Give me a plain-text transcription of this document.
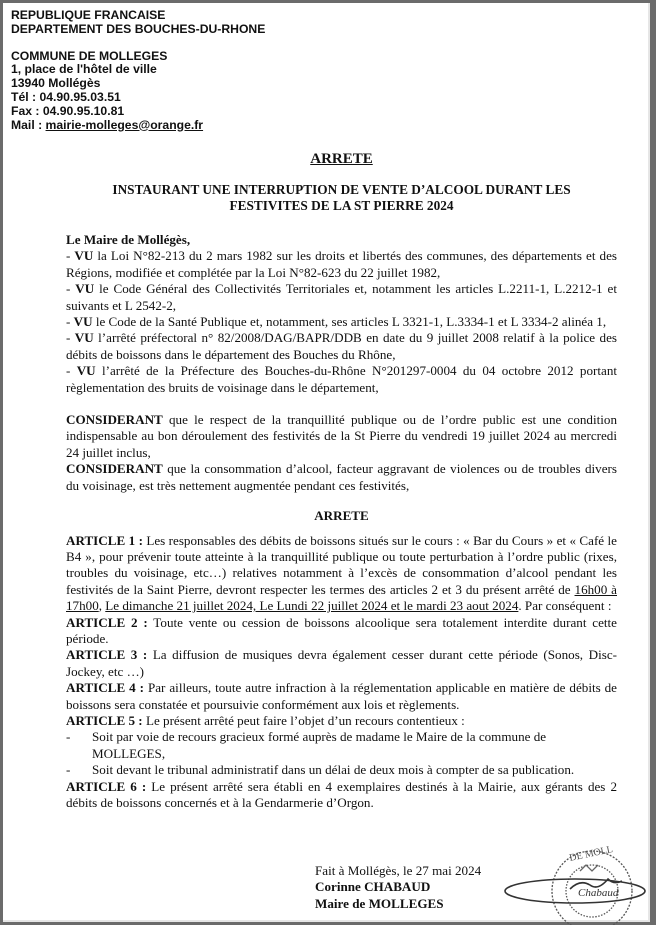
REPUBLIQUE FRANCAISE
DEPARTEMENT DES BOUCHES-DU-RHONE
COMMUNE DE MOLLEGES
1, place de l'hôtel de ville
13940 Mollégès
Tél : 04.90.95.03.51
Fax : 04.90.95.10.81
Mail : mairie-molleges@orange.fr
ARRETE
INSTAURANT UNE INTERRUPTION DE VENTE D’ALCOOL DURANT LES
FESTIVITES DE LA ST PIERRE 2024
Le Maire de Mollégès,

- VU la Loi N°82-213 du 2 mars 1982 sur les droits et libertés des communes, des départements et des Régions, modifiée et complétée par la Loi N°82-623 du 22 juillet 1982,

- VU le Code Général des Collectivités Territoriales et, notamment les articles L.2211-1, L.2212-1 et suivants et L 2542-2,

- VU le Code de la Santé Publique et, notamment, ses articles L 3321-1, L.3334-1 et L 3334-2 alinéa 1,

- VU l’arrêté préfectoral n° 82/2008/DAG/BAPR/DDB en date du 9 juillet 2008 relatif à la police des débits de boissons dans le département des Bouches du Rhône,

- VU l’arrêté de la Préfecture des Bouches-du-Rhône N°201297-0004 du 04 octobre 2012 portant règlementation des bruits de voisinage dans le département,

CONSIDERANT que le respect de la tranquillité publique ou de l’ordre public est une condition indispensable au bon déroulement des festivités de la St Pierre du vendredi 19 juillet 2024 au mercredi 24 juillet inclus,

CONSIDERANT que la consommation d’alcool, facteur aggravant de violences ou de troubles divers du voisinage, est très nettement augmentée pendant ces festivités,

ARRETE

ARTICLE 1 : Les responsables des débits de boissons situés sur le cours : « Bar du Cours » et « Café le B4 », pour prévenir toute atteinte à la tranquillité publique ou toute perturbation à l’ordre public (rixes, troubles du voisinage, etc…) relatives notamment à l’excès de consommation d’alcool pendant les festivités de la Saint Pierre, devront respecter les termes des articles 2 et 3 du présent arrêté de 16h00 à 17h00, Le dimanche 21 juillet 2024, Le Lundi 22 juillet 2024 et le mardi 23 aout 2024. Par conséquent :

ARTICLE 2 : Toute vente ou cession de boissons alcoolique sera totalement interdite durant cette période.

ARTICLE 3 : La diffusion de musiques devra également cesser durant cette période (Sonos, Disc-Jockey, etc …)

ARTICLE 4 : Par ailleurs, toute autre infraction à la réglementation applicable en matière de débits de boissons sera constatée et poursuivie conformément aux lois et règlements.

ARTICLE 5 : Le présent arrêté peut faire l’objet d’un recours contentieux :

-	Soit par voie de recours gracieux formé auprès de madame le Maire de la commune de MOLLEGES,
-	Soit devant le tribunal administratif dans un délai de deux mois à compter de sa publication.

ARTICLE 6 : Le présent arrêté sera établi en 4 exemplaires destinés à la Mairie, aux gérants des 2 débits de boissons concernés et à la Gendarmerie d’Orgon.

Fait à Mollégès, le 27 mai 2024
Corinne CHABAUD
Maire de MOLLEGES
DE MOLL
Chabaud
